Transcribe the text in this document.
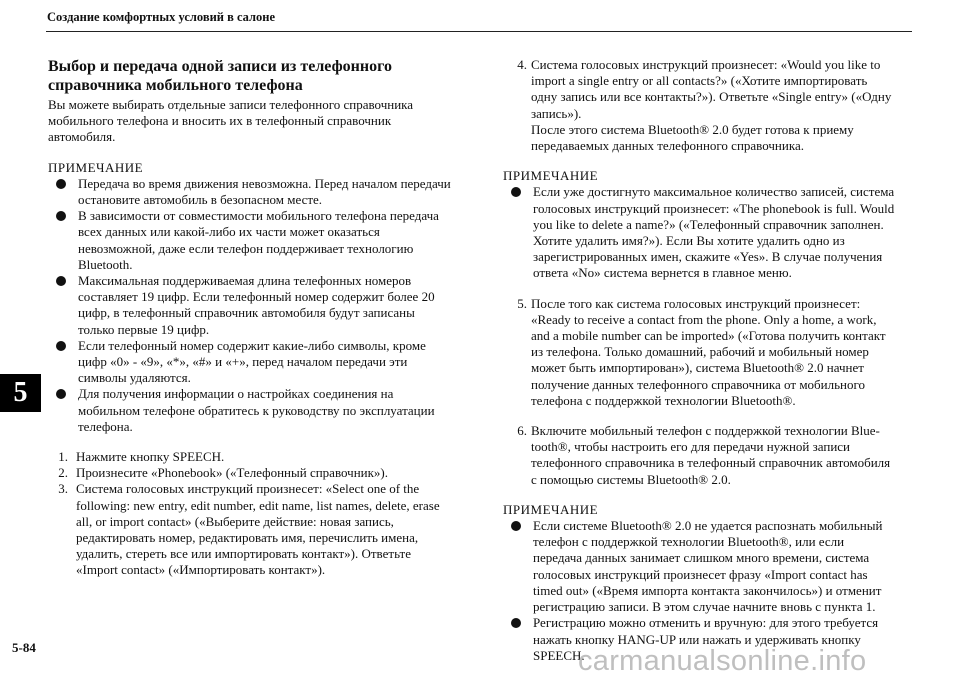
Создание комфортных условий в салоне
5
Выбор и передача одной записи из телефонного справочника мобильного телефона

Вы можете выбирать отдельные записи телефонного справочника мобильного телефона и вносить их в телефонный справочник автомобиля.

ПРИМЕЧАНИЕ
Передача во время движения невозможна. Перед началом передачи остановите автомобиль в безопасном месте.
В зависимости от совместимости мобильного телефона передача всех данных или какой-либо их части может оказаться невозможной, даже если телефон поддерживает технологию Bluetooth.
Максимальная поддерживаемая длина телефонных номеров составляет 19 цифр. Если телефонный номер содержит более 20 цифр, в телефонный справочник автомобиля будут записаны только первые 19 цифр.
Если телефонный номер содержит какие-либо символы, кроме цифр «0» - «9», «*», «#» и «+», перед началом передачи эти символы удаляются.
Для получения информации о настройках соединения на мобильном телефоне обратитесь к руководству по эксплуатации телефона.
1. Нажмите кнопку SPEECH.
2. Произнесите «Phonebook» («Телефонный справочник»).
3. Система голосовых инструкций произнесет: «Select one of the following: new entry, edit number, edit name, list names, delete, erase all, or import contact» («Выберите действие: новая запись, редактировать номер, редактировать имя, перечислить имена, удалить, стереть все или импортировать контакт»). Ответьте «Import contact» («Импортировать контакт»).
4. Система голосовых инструкций произнесет: «Would you like to import a single entry or all contacts?» («Хотите импортировать одну запись или все контакты?»). Ответьте «Single entry» («Одну запись»).
После этого система Bluetooth® 2.0 будет готова к приему передаваемых данных телефонного справочника.
ПРИМЕЧАНИЕ
Если уже достигнуто максимальное количество записей, система голосовых инструкций произнесет: «The phonebook is full. Would you like to delete a name?» («Телефонный справочник заполнен. Хотите удалить имя?»). Если Вы хотите удалить одно из зарегистрированных имен, скажите «Yes». В случае получения ответа «No» система вернется в главное меню.
5. После того как система голосовых инструкций произнесет: «Ready to receive a contact from the phone. Only a home, a work, and a mobile number can be imported» («Готова получить контакт из телефона. Только домашний, рабочий и мобильный номер может быть импортирован»), система Bluetooth® 2.0 начнет получение данных телефонного справочника от мобильного телефона с поддержкой технологии Bluetooth®.
6. Включите мобильный телефон с поддержкой технологии Blue-tooth®, чтобы настроить его для передачи нужной записи телефонного справочника в телефонный справочник автомобиля с помощью системы Bluetooth® 2.0.
ПРИМЕЧАНИЕ
Если системе Bluetooth® 2.0 не удается распознать мобильный телефон с поддержкой технологии Bluetooth®, или если передача данных занимает слишком много времени, система голосовых инструкций произнесет фразу «Import contact has timed out» («Время импорта контакта закончилось») и отменит регистрацию записи. В этом случае начните вновь с пункта 1.
Регистрацию можно отменить и вручную: для этого требуется нажать кнопку HANG-UP или нажать и удерживать кнопку SPEECH.
5-84	carmanualsonline.info
